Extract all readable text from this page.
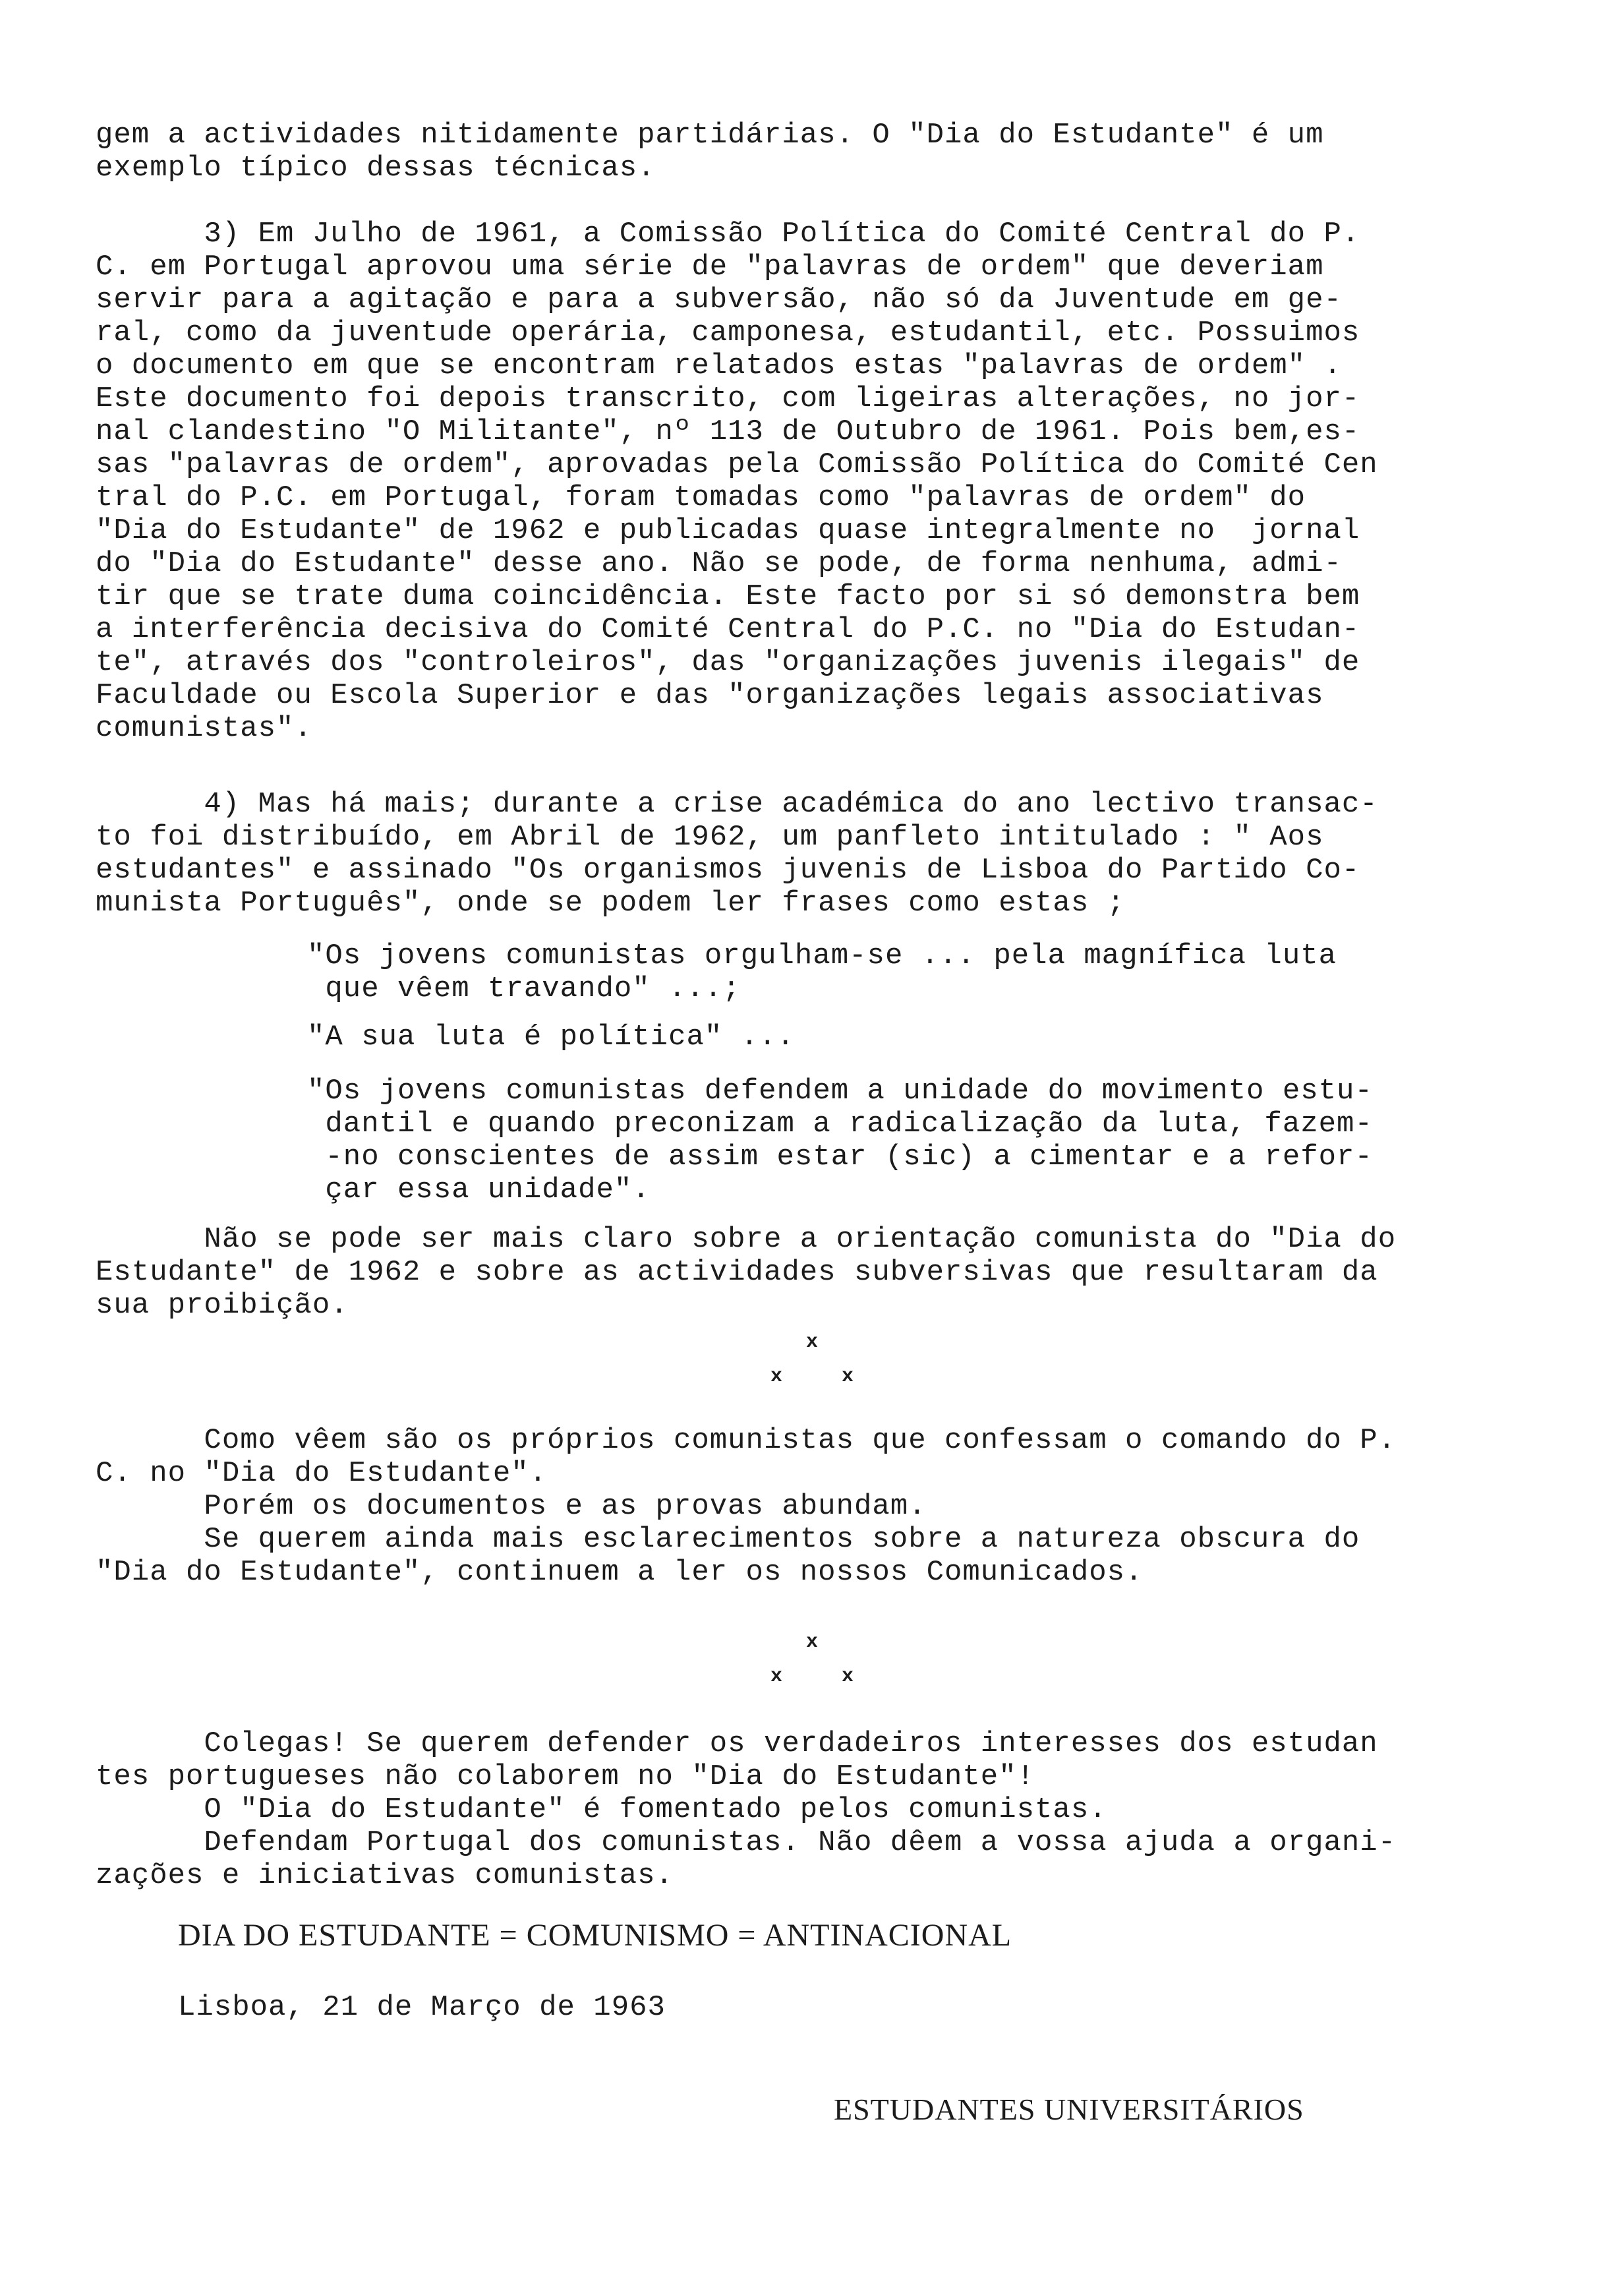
gem a actividades nitidamente partidárias. O "Dia do Estudante" é um
exemplo típico dessas técnicas.

3) Em Julho de 1961, a Comissão Política do Comité Central do P.
C. em Portugal aprovou uma série de "palavras de ordem" que deveriam
servir para a agitação e para a subversão, não só da Juventude em ge-
ral, como da juventude operária, camponesa, estudantil, etc. Possuimos
o documento em que se encontram relatados estas "palavras de ordem" .
Este documento foi depois transcrito, com ligeiras alterações, no jor-
nal clandestino "O Militante", nº 113 de Outubro de 1961. Pois bem,es-
sas "palavras de ordem", aprovadas pela Comissão Política do Comité Cen
tral do P.C. em Portugal, foram tomadas como "palavras de ordem" do
"Dia do Estudante" de 1962 e publicadas quase integralmente no  jornal
do "Dia do Estudante" desse ano. Não se pode, de forma nenhuma, admi-
tir que se trate duma coincidência. Este facto por si só demonstra bem
a interferência decisiva do Comité Central do P.C. no "Dia do Estudan-
te", através dos "controleiros", das "organizações juvenis ilegais" de
Faculdade ou Escola Superior e das "organizações legais associativas
comunistas".

4) Mas há mais; durante a crise académica do ano lectivo transac-
to foi distribuído, em Abril de 1962, um panfleto intitulado : " Aos
estudantes" e assinado "Os organismos juvenis de Lisboa do Partido Co-
munista Português", onde se podem ler frases como estas ;

"Os jovens comunistas orgulham-se ... pela magnífica luta
que vêem travando" ...;

"A sua luta é política" ...

"Os jovens comunistas defendem a unidade do movimento estu-
dantil e quando preconizam a radicalização da luta, fazem-
-no conscientes de assim estar (sic) a cimentar e a refor-
çar essa unidade".

Não se pode ser mais claro sobre a orientação comunista do "Dia do
Estudante" de 1962 e sobre as actividades subversivas que resultaram da
sua proibição.

x
x     x

Como vêem são os próprios comunistas que confessam o comando do P.
C. no "Dia do Estudante".
Porém os documentos e as provas abundam.
Se querem ainda mais esclarecimentos sobre a natureza obscura do
"Dia do Estudante", continuem a ler os nossos Comunicados.

x
x     x

Colegas! Se querem defender os verdadeiros interesses dos estudan
tes portugueses não colaborem no "Dia do Estudante"!
O "Dia do Estudante" é fomentado pelos comunistas.
Defendam Portugal dos comunistas. Não dêem a vossa ajuda a organi-
zações e iniciativas comunistas.

DIA DO ESTUDANTE = COMUNISMO = ANTINACIONAL

Lisboa, 21 de Março de 1963

ESTUDANTES UNIVERSITÁRIOS
